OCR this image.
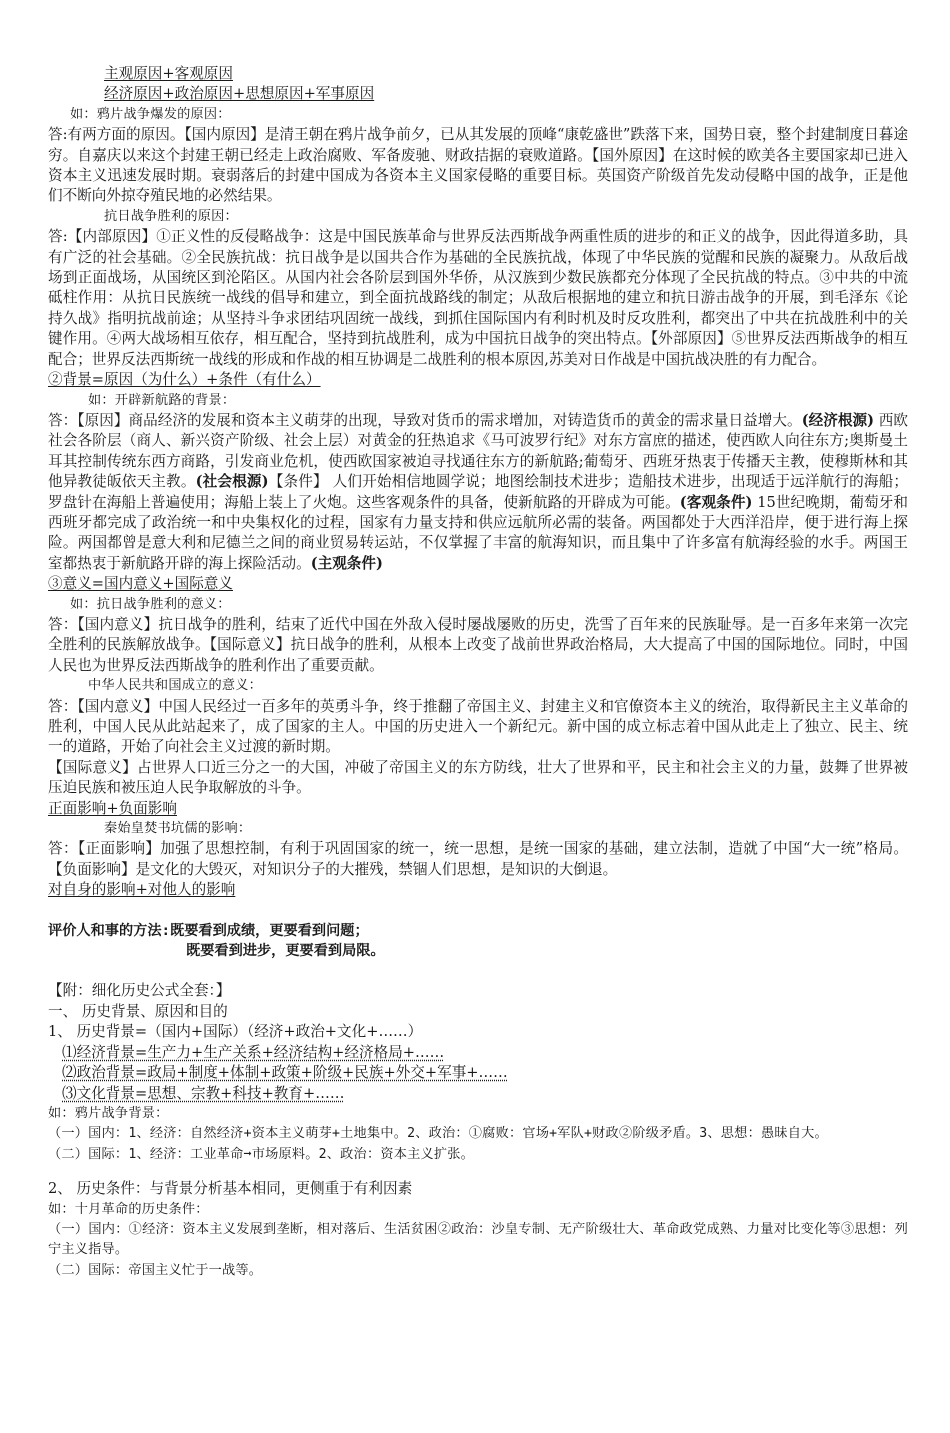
主观原因+客观原因

经济原因+政治原因+思想原因+军事原因

如：鸦片战争爆发的原因：

答:有两方面的原因。【国内原因】是清王朝在鸦片战争前夕，已从其发展的顶峰“康乾盛世”跌落下来，国势日衰，整个封建制度日暮途穷。自嘉庆以来这个封建王朝已经走上政治腐败、军备废驰、财政拮据的衰败道路。【国外原因】在这时候的欧美各主要国家却已进入资本主义迅速发展时期。衰弱落后的封建中国成为各资本主义国家侵略的重要目标。英国资产阶级首先发动侵略中国的战争，正是他们不断向外掠夺殖民地的必然结果。

抗日战争胜利的原因：

答:【内部原因】①正义性的反侵略战争：这是中国民族革命与世界反法西斯战争两重性质的进步的和正义的战争，因此得道多助，具有广泛的社会基础。②全民族抗战：抗日战争是以国共合作为基础的全民族抗战，体现了中华民族的觉醒和民族的凝聚力。从敌后战场到正面战场，从国统区到沦陷区。从国内社会各阶层到国外华侨，从汉族到少数民族都充分体现了全民抗战的特点。③中共的中流砥柱作用：从抗日民族统一战线的倡导和建立，到全面抗战路线的制定；从敌后根据地的建立和抗日游击战争的开展，到毛泽东《论持久战》指明抗战前途；从坚持斗争求团结巩固统一战线，到抓住国际国内有利时机及时反攻胜利，都突出了中共在抗战胜利中的关键作用。④两大战场相互依存，相互配合，坚持到抗战胜利，成为中国抗日战争的突出特点。【外部原因】⑤世界反法西斯战争的相互配合；世界反法西斯统一战线的形成和作战的相互协调是二战胜利的根本原因,苏美对日作战是中国抗战决胜的有力配合。

②背景=原因（为什么）+条件（有什么）

如：开辟新航路的背景：

答：【原因】商品经济的发展和资本主义萌芽的出现，导致对货币的需求增加，对铸造货币的黄金的需求量日益增大。(经济根源) 西欧社会各阶层（商人、新兴资产阶级、社会上层）对黄金的狂热追求《马可波罗行纪》对东方富庶的描述，使西欧人向往东方;奥斯曼土耳其控制传统东西方商路，引发商业危机，使西欧国家被迫寻找通往东方的新航路;葡萄牙、西班牙热衷于传播天主教，使穆斯林和其他异教徒皈依天主教。(社会根源)【条件】 人们开始相信地圆学说；地图绘制技术进步；造船技术进步，出现适于远洋航行的海船；罗盘针在海船上普遍使用；海船上装上了火炮。这些客观条件的具备，使新航路的开辟成为可能。(客观条件) 15世纪晚期，葡萄牙和西班牙都完成了政治统一和中央集权化的过程，国家有力量支持和供应远航所必需的装备。两国都处于大西洋沿岸，便于进行海上探险。两国都曾是意大利和尼德兰之间的商业贸易转运站，不仅掌握了丰富的航海知识，而且集中了许多富有航海经验的水手。两国王室都热衷于新航路开辟的海上探险活动。(主观条件)

③意义=国内意义+国际意义

如：抗日战争胜利的意义：

答：【国内意义】抗日战争的胜利，结束了近代中国在外敌入侵时屡战屡败的历史，洗雪了百年来的民族耻辱。是一百多年来第一次完全胜利的民族解放战争。【国际意义】抗日战争的胜利，从根本上改变了战前世界政治格局，大大提高了中国的国际地位。同时，中国人民也为世界反法西斯战争的胜利作出了重要贡献。

中华人民共和国成立的意义：

答：【国内意义】中国人民经过一百多年的英勇斗争，终于推翻了帝国主义、封建主义和官僚资本主义的统治，取得新民主主义革命的胜利，中国人民从此站起来了，成了国家的主人。中国的历史进入一个新纪元。新中国的成立标志着中国从此走上了独立、民主、统一的道路，开始了向社会主义过渡的新时期。

【国际意义】占世界人口近三分之一的大国，冲破了帝国主义的东方防线，壮大了世界和平，民主和社会主义的力量，鼓舞了世界被压迫民族和被压迫人民争取解放的斗争。

正面影响+负面影响

秦始皇焚书坑儒的影响：

答：【正面影响】加强了思想控制，有利于巩固国家的统一，统一思想，是统一国家的基础，建立法制，造就了中国“大一统”格局。【负面影响】是文化的大毁灭，对知识分子的大摧残，禁锢人们思想，是知识的大倒退。

对自身的影响+对他人的影响

评价人和事的方法:既要看到成绩，更要看到问题；

既要看到进步，更要看到局限。

【附：细化历史公式全套：】

一、 历史背景、原因和目的

1、 历史背景=（国内+国际）（经济+政治+文化+……）

⑴经济背景=生产力+生产关系+经济结构+经济格局+……

⑵政治背景=政局+制度+体制+政策+阶级+民族+外交+军事+……

⑶文化背景=思想、宗教+科技+教育+……

如：鸦片战争背景：

（一）国内：1、经济：自然经济+资本主义萌芽+土地集中。2、政治：①腐败：官场+军队+财政②阶级矛盾。3、思想：愚昧自大。

（二）国际：1、经济：工业革命➞市场原料。2、政治：资本主义扩张。

2、 历史条件：与背景分析基本相同，更侧重于有利因素

如：十月革命的历史条件：

（一）国内：①经济：资本主义发展到垄断，相对落后、生活贫困②政治：沙皇专制、无产阶级壮大、革命政党成熟、力量对比变化等③思想：列宁主义指导。

（二）国际：帝国主义忙于一战等。
